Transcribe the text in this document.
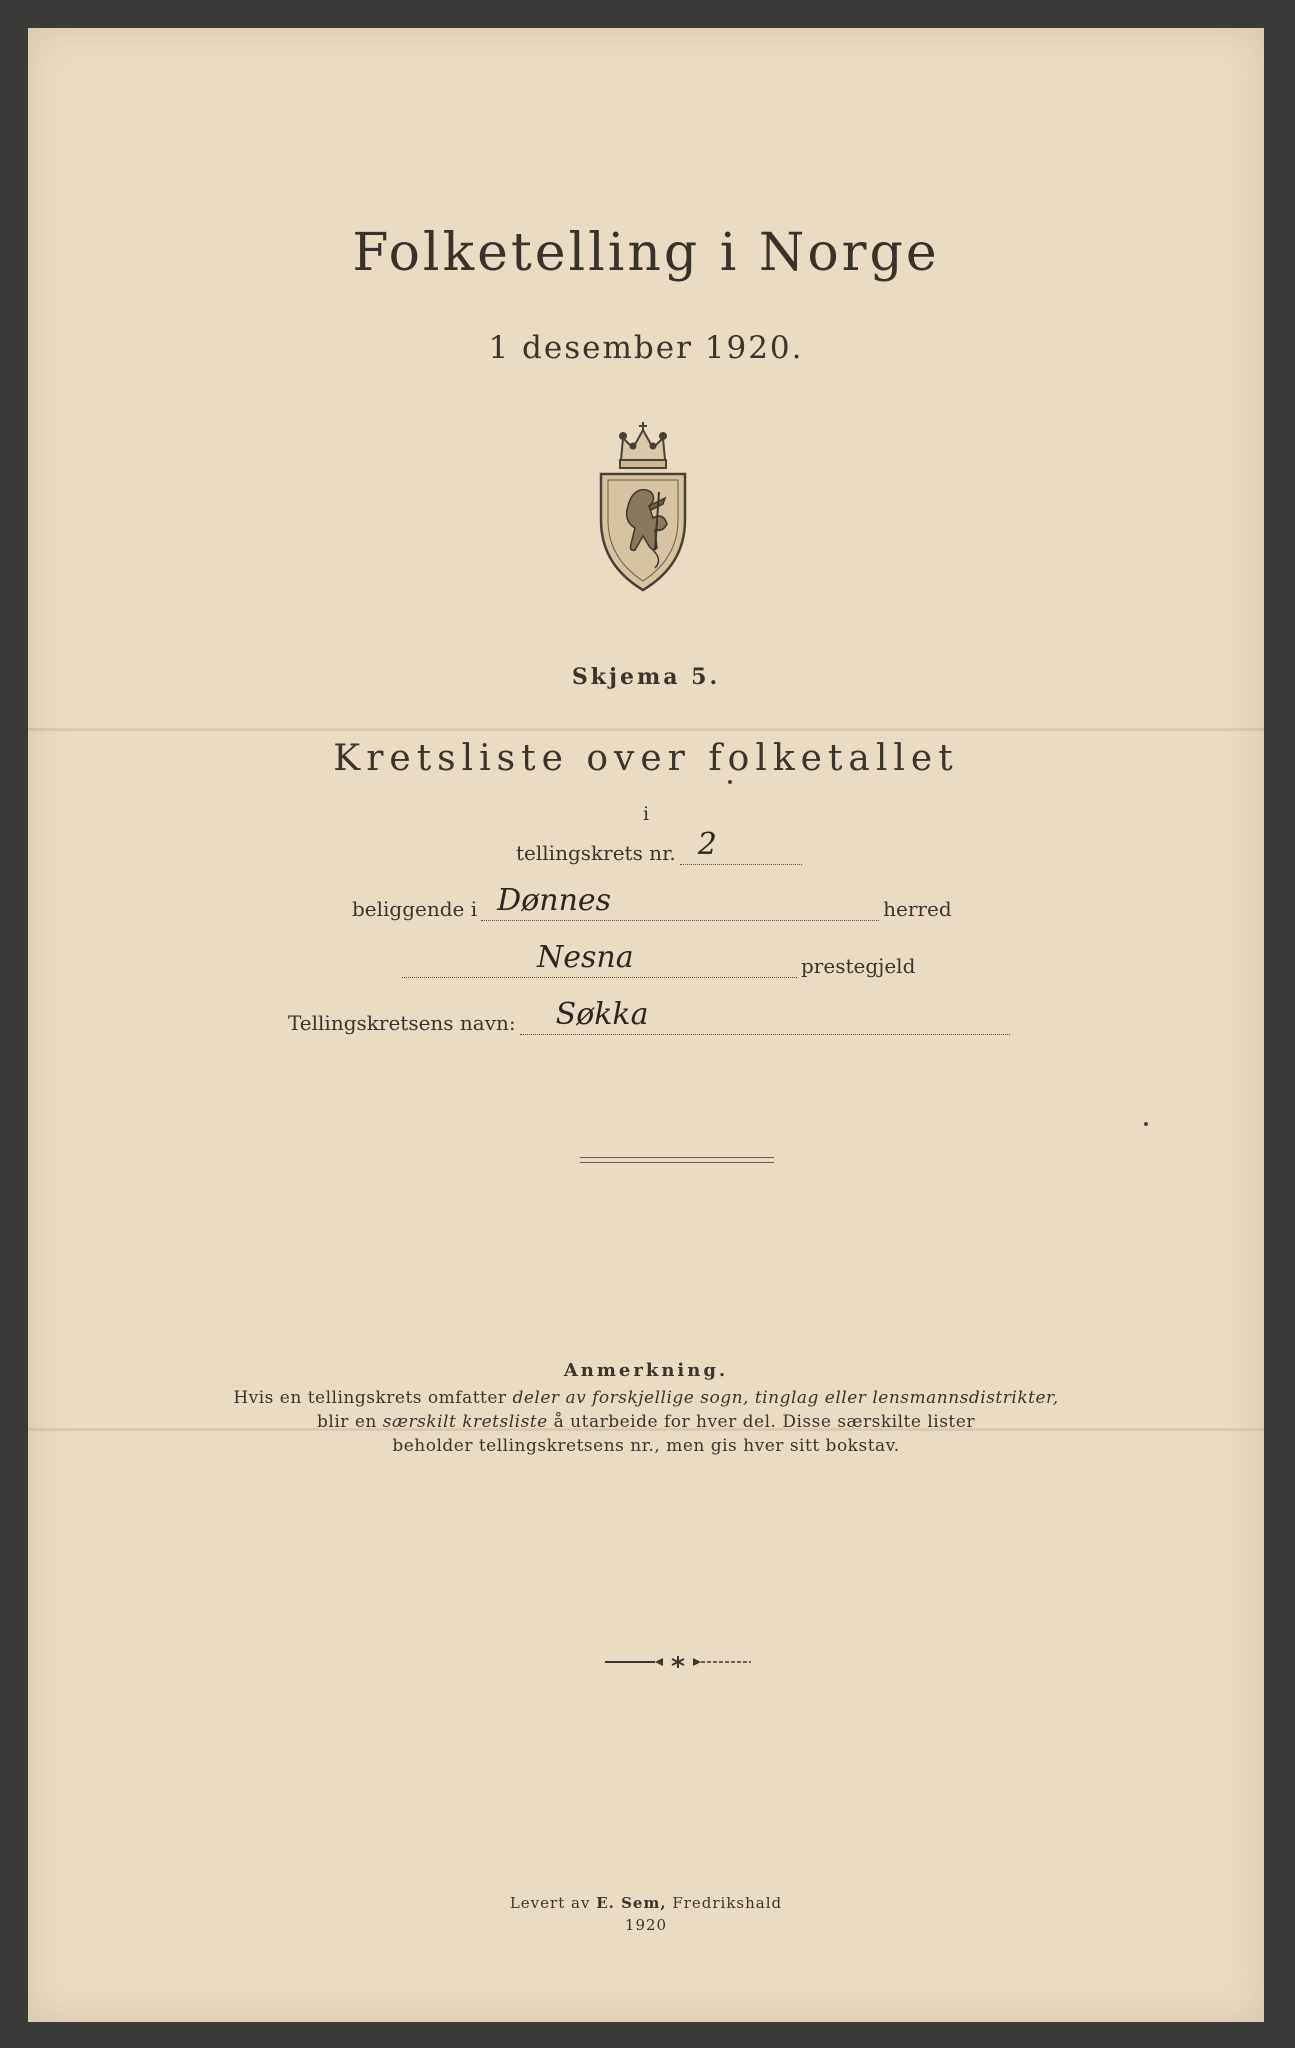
Folketelling i Norge
1 desember 1920.
Skjema 5.
Kretsliste over folketallet
i
tellingskrets nr. 2
beliggende i Dønnes	herred
Nesna	prestegjeld
Tellingskretsens navn: Søkka
Anmerkning.
Hvis en tellingskrets omfatter deler av forskjellige sogn, tinglag eller lensmannsdistrikter,
blir en særskilt kretsliste å utarbeide for hver del. Disse særskilte lister
beholder tellingskretsens nr., men gis hver sitt bokstav.
Levert av E. Sem, Fredrikshald
1920
